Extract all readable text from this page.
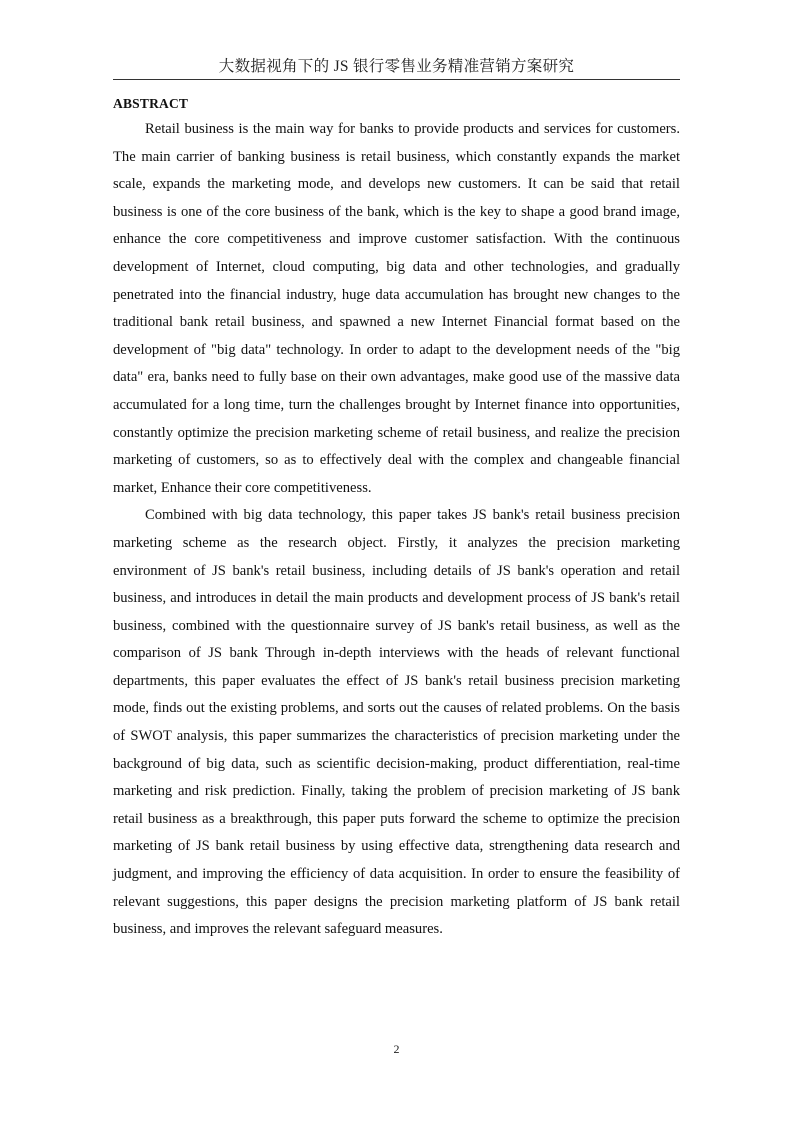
大数据视角下的 JS 银行零售业务精准营销方案研究
ABSTRACT

Retail business is the main way for banks to provide products and services for customers. The main carrier of banking business is retail business, which constantly expands the market scale, expands the marketing mode, and develops new customers. It can be said that retail business is one of the core business of the bank, which is the key to shape a good brand image, enhance the core competitiveness and improve customer satisfaction. With the continuous development of Internet, cloud computing, big data and other technologies, and gradually penetrated into the financial industry, huge data accumulation has brought new changes to the traditional bank retail business, and spawned a new Internet Financial format based on the development of "big data" technology. In order to adapt to the development needs of the "big data" era, banks need to fully base on their own advantages, make good use of the massive data accumulated for a long time, turn the challenges brought by Internet finance into opportunities, constantly optimize the precision marketing scheme of retail business, and realize the precision marketing of customers, so as to effectively deal with the complex and changeable financial market, Enhance their core competitiveness.

Combined with big data technology, this paper takes JS bank's retail business precision marketing scheme as the research object. Firstly, it analyzes the precision marketing environment of JS bank's retail business, including details of JS bank's operation and retail business, and introduces in detail the main products and development process of JS bank's retail business, combined with the questionnaire survey of JS bank's retail business, as well as the comparison of JS bank Through in-depth interviews with the heads of relevant functional departments, this paper evaluates the effect of JS bank's retail business precision marketing mode, finds out the existing problems, and sorts out the causes of related problems. On the basis of SWOT analysis, this paper summarizes the characteristics of precision marketing under the background of big data, such as scientific decision-making, product differentiation, real-time marketing and risk prediction. Finally, taking the problem of precision marketing of JS bank retail business as a breakthrough, this paper puts forward the scheme to optimize the precision marketing of JS bank retail business by using effective data, strengthening data research and judgment, and improving the efficiency of data acquisition. In order to ensure the feasibility of relevant suggestions, this paper designs the precision marketing platform of JS bank retail business, and improves the relevant safeguard measures.

2
